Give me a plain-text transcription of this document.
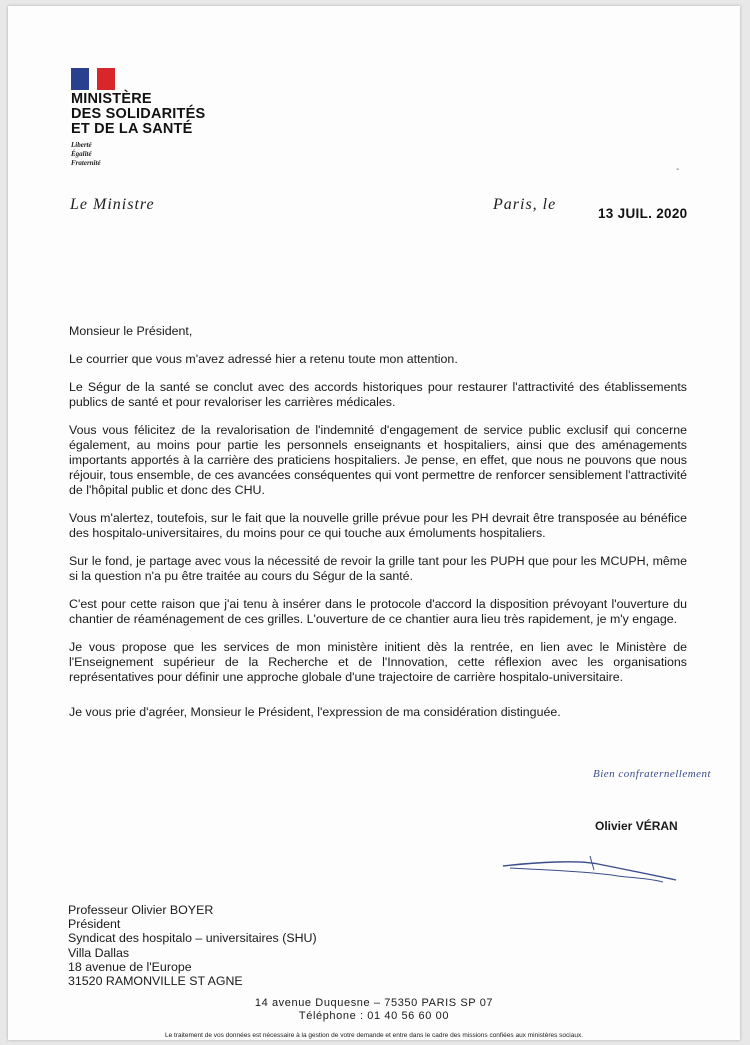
MINISTÈRE
DES SOLIDARITÉS
ET DE LA SANTÉ
Liberté
Égalité
Fraternité
-
Le Ministre	Paris, le
13 JUIL. 2020

Monsieur le Président,

Le courrier que vous m'avez adressé hier a retenu toute mon attention.

Le Ségur de la santé se conclut avec des accords historiques pour restaurer l'attractivité des établissements publics de santé et pour revaloriser les carrières médicales.

Vous vous félicitez de la revalorisation de l'indemnité d'engagement de service public exclusif qui concerne également, au moins pour partie les personnels enseignants et hospitaliers, ainsi que des aménagements importants apportés à la carrière des praticiens hospitaliers. Je pense, en effet, que nous ne pouvons que nous réjouir, tous ensemble, de ces avancées conséquentes qui vont permettre de renforcer sensiblement l'attractivité de l'hôpital public et donc des CHU.

Vous m'alertez, toutefois, sur le fait que la nouvelle grille prévue pour les PH devrait être transposée au bénéfice des hospitalo-universitaires, du moins pour ce qui touche aux émoluments hospitaliers.

Sur le fond, je partage avec vous la nécessité de revoir la grille tant pour les PUPH que pour les MCUPH, même si la question n'a pu être traitée au cours du Ségur de la santé.

C'est pour cette raison que j'ai tenu à insérer dans le protocole d'accord la disposition prévoyant l'ouverture du chantier de réaménagement de ces grilles. L'ouverture de ce chantier aura lieu très rapidement, je m'y engage.

Je vous propose que les services de mon ministère initient dès la rentrée, en lien avec le Ministère de l'Enseignement supérieur de la Recherche et de l'Innovation, cette réflexion avec les organisations représentatives pour définir une approche globale d'une trajectoire de carrière hospitalo-universitaire.

Je vous prie d'agréer, Monsieur le Président, l'expression de ma considération distinguée.

Bien confraternellement
Olivier VÉRAN
Professeur Olivier BOYER
Président
Syndicat des hospitalo – universitaires (SHU)
Villa Dallas
18 avenue de l'Europe
31520 RAMONVILLE ST AGNE
14 avenue Duquesne – 75350 PARIS SP 07
Téléphone : 01 40 56 60 00
Le traitement de vos données est nécessaire à la gestion de votre demande et entre dans le cadre des missions confiées aux ministères sociaux.
